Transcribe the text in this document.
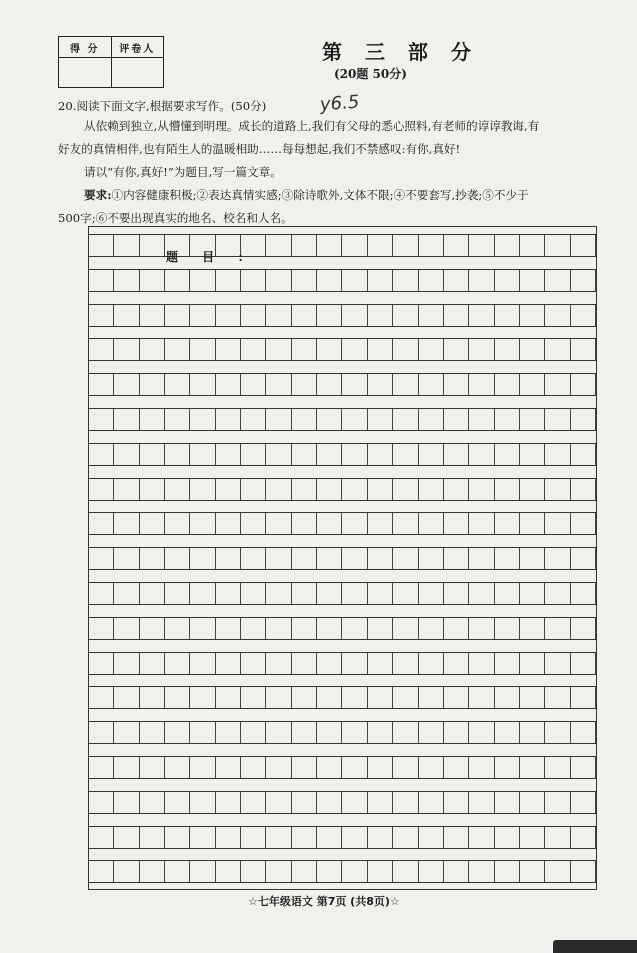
得 分	评卷人
		第 三 部 分
(20题 50分)
20.阅读下面文字,根据要求写作。(50分)	y6.5
从依赖到独立,从懵懂到明理。成长的道路上,我们有父母的悉心照料,有老师的谆谆教诲,有
好友的真情相伴,也有陌生人的温暖相助……每每想起,我们不禁感叹:有你,真好!
请以“有你,真好!”为题目,写一篇文章。
要求:①内容健康积极;②表达真情实感;③除诗歌外,文体不限;④不要套写,抄袭;⑤不少于
500字;⑥不要出现真实的地名、校名和人名。
题 目 :
☆七年级语文 第7页 (共8页)☆
